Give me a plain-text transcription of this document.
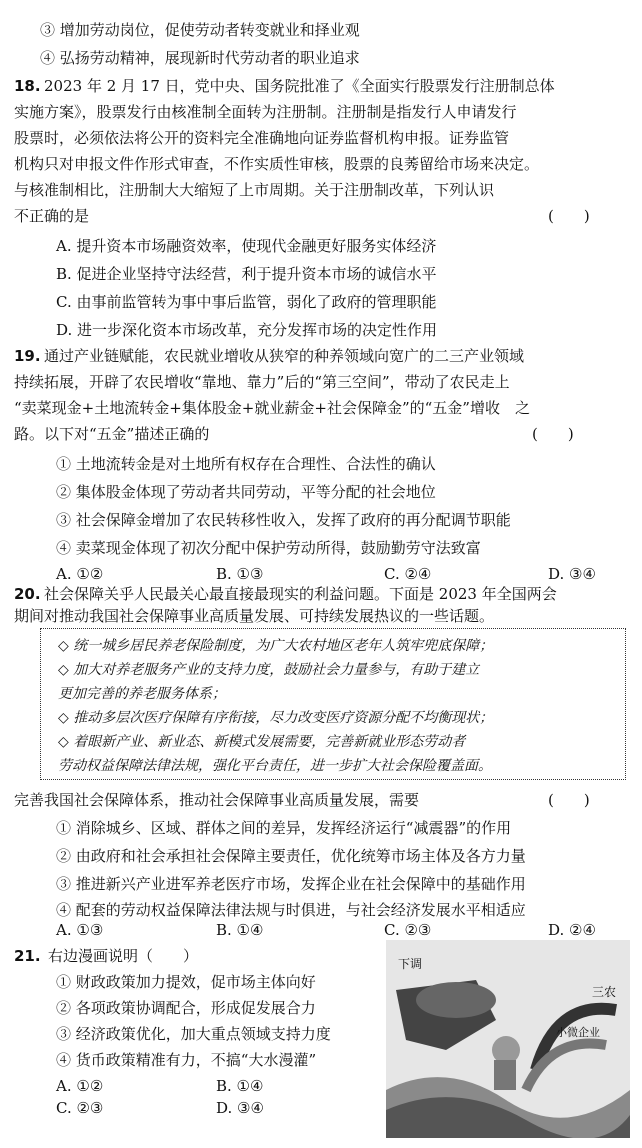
③ 增加劳动岗位，促使劳动者转变就业和择业观
④ 弘扬劳动精神，展现新时代劳动者的职业追求
18. 2023 年 2 月 17 日，党中央、国务院批准了《全面实行股票发行注册制总体
实施方案》，股票发行由核准制全面转为注册制。注册制是指发行人申请发行
股票时，必须依法将公开的资料完全准确地向证券监督机构申报。证券监管
机构只对申报文件作形式审查，不作实质性审核，股票的良莠留给市场来决定。
与核准制相比，注册制大大缩短了上市周期。关于注册制改革，下列认识
不正确的是	(　　)
A. 提升资本市场融资效率，使现代金融更好服务实体经济
B. 促进企业坚持守法经营，利于提升资本市场的诚信水平
C. 由事前监管转为事中事后监管，弱化了政府的管理职能
D. 进一步深化资本市场改革，充分发挥市场的决定性作用
19. 通过产业链赋能，农民就业增收从狭窄的种养领域向宽广的二三产业领域
持续拓展，开辟了农民增收“靠地、靠力”后的“第三空间”，带动了农民走上
“卖菜现金+土地流转金+集体股金+就业薪金+社会保障金”的“五金”增收　之
路。以下对“五金”描述正确的	(　　)
① 土地流转金是对土地所有权存在合理性、合法性的确认
② 集体股金体现了劳动者共同劳动，平等分配的社会地位
③ 社会保障金增加了农民转移性收入，发挥了政府的再分配调节职能
④ 卖菜现金体现了初次分配中保护劳动所得，鼓励勤劳守法致富
A. ①②	B. ①③	C. ②④	D. ③④
20. 社会保障关乎人民最关心最直接最现实的利益问题。下面是 2023 年全国两会
期间对推动我国社会保障事业高质量发展、可持续发展热议的一些话题。
◇ 统一城乡居民养老保险制度，为广大农村地区老年人筑牢兜底保障；
◇ 加大对养老服务产业的支持力度，鼓励社会力量参与，有助于建立
更加完善的养老服务体系；
◇ 推动多层次医疗保障有序衔接，尽力改变医疗资源分配不均衡现状；
◇ 着眼新产业、新业态、新模式发展需要，完善新就业形态劳动者
劳动权益保障法律法规，强化平台责任，进一步扩大社会保险覆盖面。
完善我国社会保障体系，推动社会保障事业高质量发展，需要	(　　)
① 消除城乡、区域、群体之间的差异，发挥经济运行“减震器”的作用
② 由政府和社会承担社会保障主要责任，优化统筹市场主体及各方力量
③ 推进新兴产业进军养老医疗市场，发挥企业在社会保障中的基础作用
④ 配套的劳动权益保障法律法规与时俱进，与社会经济发展水平相适应
A. ①③	B. ①④	C. ②③	D. ②④
21. 右边漫画说明（　　）
① 财政政策加力提效，促市场主体向好
② 各项政策协调配合，形成促发展合力
③ 经济政策优化，加大重点领域支持力度
④ 货币政策精准有力，不搞“大水漫灌”
A. ①②	B. ①④
C. ②③	D. ③④
下调
三农
小微企业
